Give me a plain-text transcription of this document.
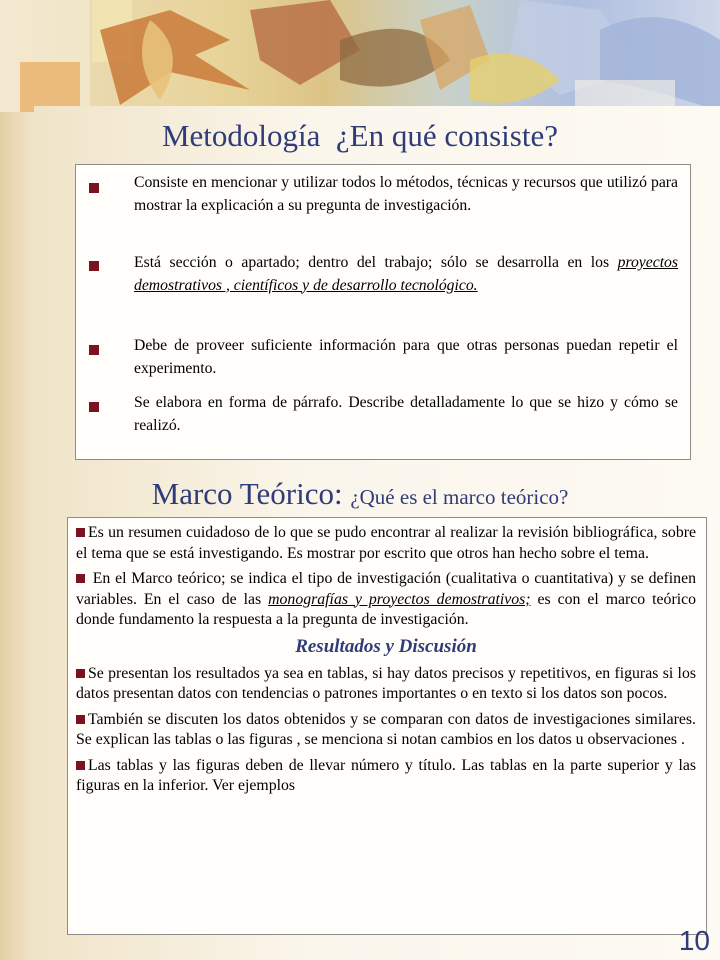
Metodología ¿En qué consiste?

Consiste en mencionar y utilizar todos lo métodos, técnicas y recursos que utilizó para mostrar la explicación a su pregunta de investigación.

Está sección o apartado; dentro del trabajo; sólo se desarrolla en los proyectos demostrativos , científicos y de desarrollo tecnológico.

Debe de proveer suficiente información para que otras personas puedan repetir el experimento.

Se elabora en forma de párrafo. Describe detalladamente lo que se hizo y cómo se realizó.

Marco Teórico: ¿Qué es el marco teórico?

Es un resumen cuidadoso de lo que se pudo encontrar al realizar la revisión bibliográfica, sobre el tema que se está investigando. Es mostrar por escrito que otros han hecho sobre el tema.

En el Marco teórico; se indica el tipo de investigación (cualitativa o cuantitativa) y se definen variables. En el caso de las monografías y proyectos demostrativos; es con el marco teórico donde fundamento la respuesta a la pregunta de investigación.

Resultados y Discusión

Se presentan los resultados ya sea en tablas, si hay datos precisos y repetitivos, en figuras si los datos presentan datos con tendencias o patrones importantes o en texto si los datos son pocos.

También se discuten los datos obtenidos y se comparan con datos de investigaciones similares. Se explican las tablas o las figuras , se menciona si notan cambios en los datos u observaciones .

Las tablas y las figuras deben de llevar número y título. Las tablas en la parte superior y las figuras en la inferior. Ver ejemplos

10
